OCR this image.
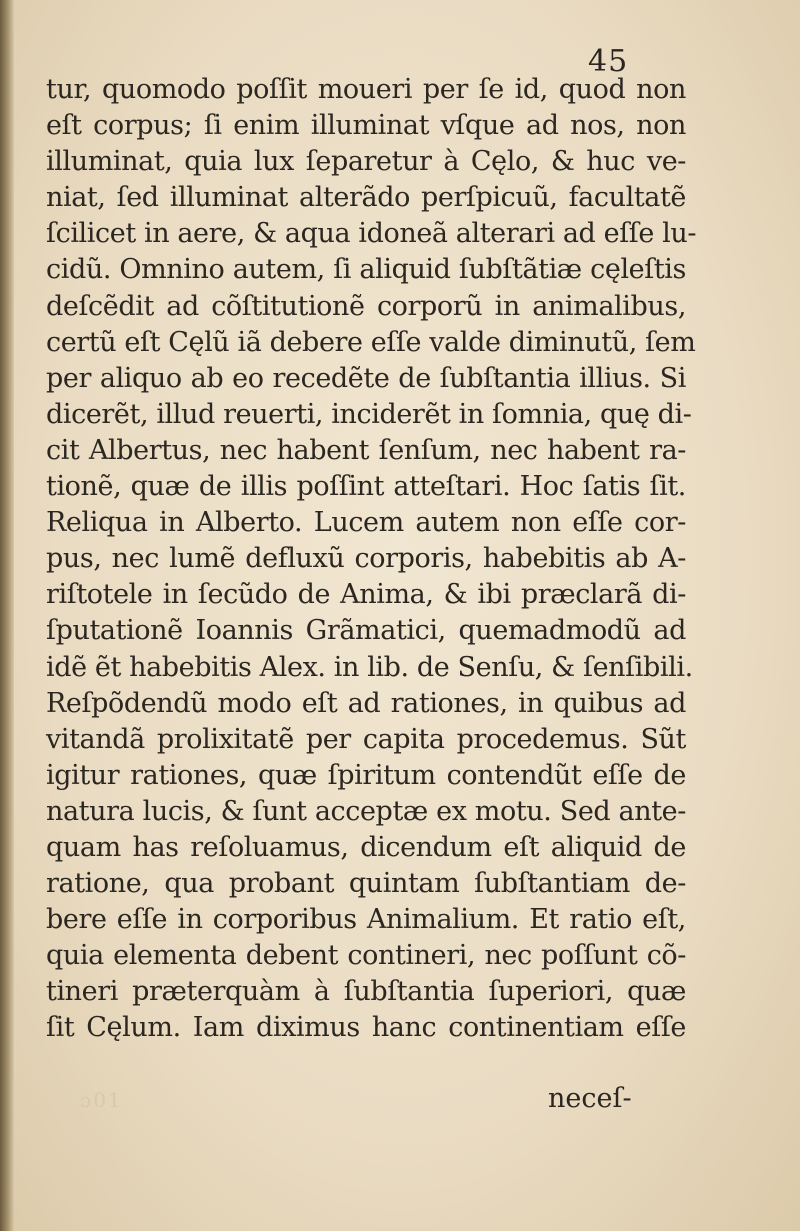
45
tur, quomodo poſſit moueri per ſe id, quod non
eſt corpus; ſi enim illuminat vſque ad nos, non
illuminat, quia lux ſeparetur à Cęlo, & huc ve-
niat, ſed illuminat alterãdo perſpicuũ, facultatẽ
ſcilicet in aere, & aqua idoneã alterari ad eſſe lu-
cidũ. Omnino autem, ſi aliquid ſubſtãtiæ cęleſtis
deſcẽdit ad cõſtitutionẽ corporũ in animalibus,
certũ eſt Cęlũ iã debere eſſe valde diminutũ, ſem
per aliquo ab eo recedẽte de ſubſtantia illius. Si
dicerẽt, illud reuerti, inciderẽt in ſomnia, quę di-
cit Albertus, nec habent ſenſum, nec habent ra-
tionẽ, quæ de illis poſſint atteſtari. Hoc ſatis ſit.
Reliqua in Alberto. Lucem autem non eſſe cor-
pus, nec lumẽ defluxũ corporis, habebitis ab A-
riſtotele in ſecũdo de Anima, & ibi præclarã di-
ſputationẽ Ioannis Grãmatici, quemadmodũ ad
idẽ ẽt habebitis Alex. in lib. de Senſu, & ſenſibili.
Reſpõdendũ modo eſt ad rationes, in quibus ad
vitandã prolixitatẽ per capita procedemus. Sũt
igitur rationes, quæ ſpiritum contendũt eſſe de
natura lucis, & ſunt acceptæ ex motu. Sed ante-
quam has reſoluamus, dicendum eſt aliquid de
ratione, qua probant quintam ſubſtantiam de-
bere eſſe in corporibus Animalium. Et ratio eſt,
quia elementa debent contineri, nec poſſunt cõ-
tineri præterquàm à ſubſtantia ſuperiori, quæ
ſit Cęlum. Iam diximus hanc continentiam eſſe
ɔ01	neceſ-
